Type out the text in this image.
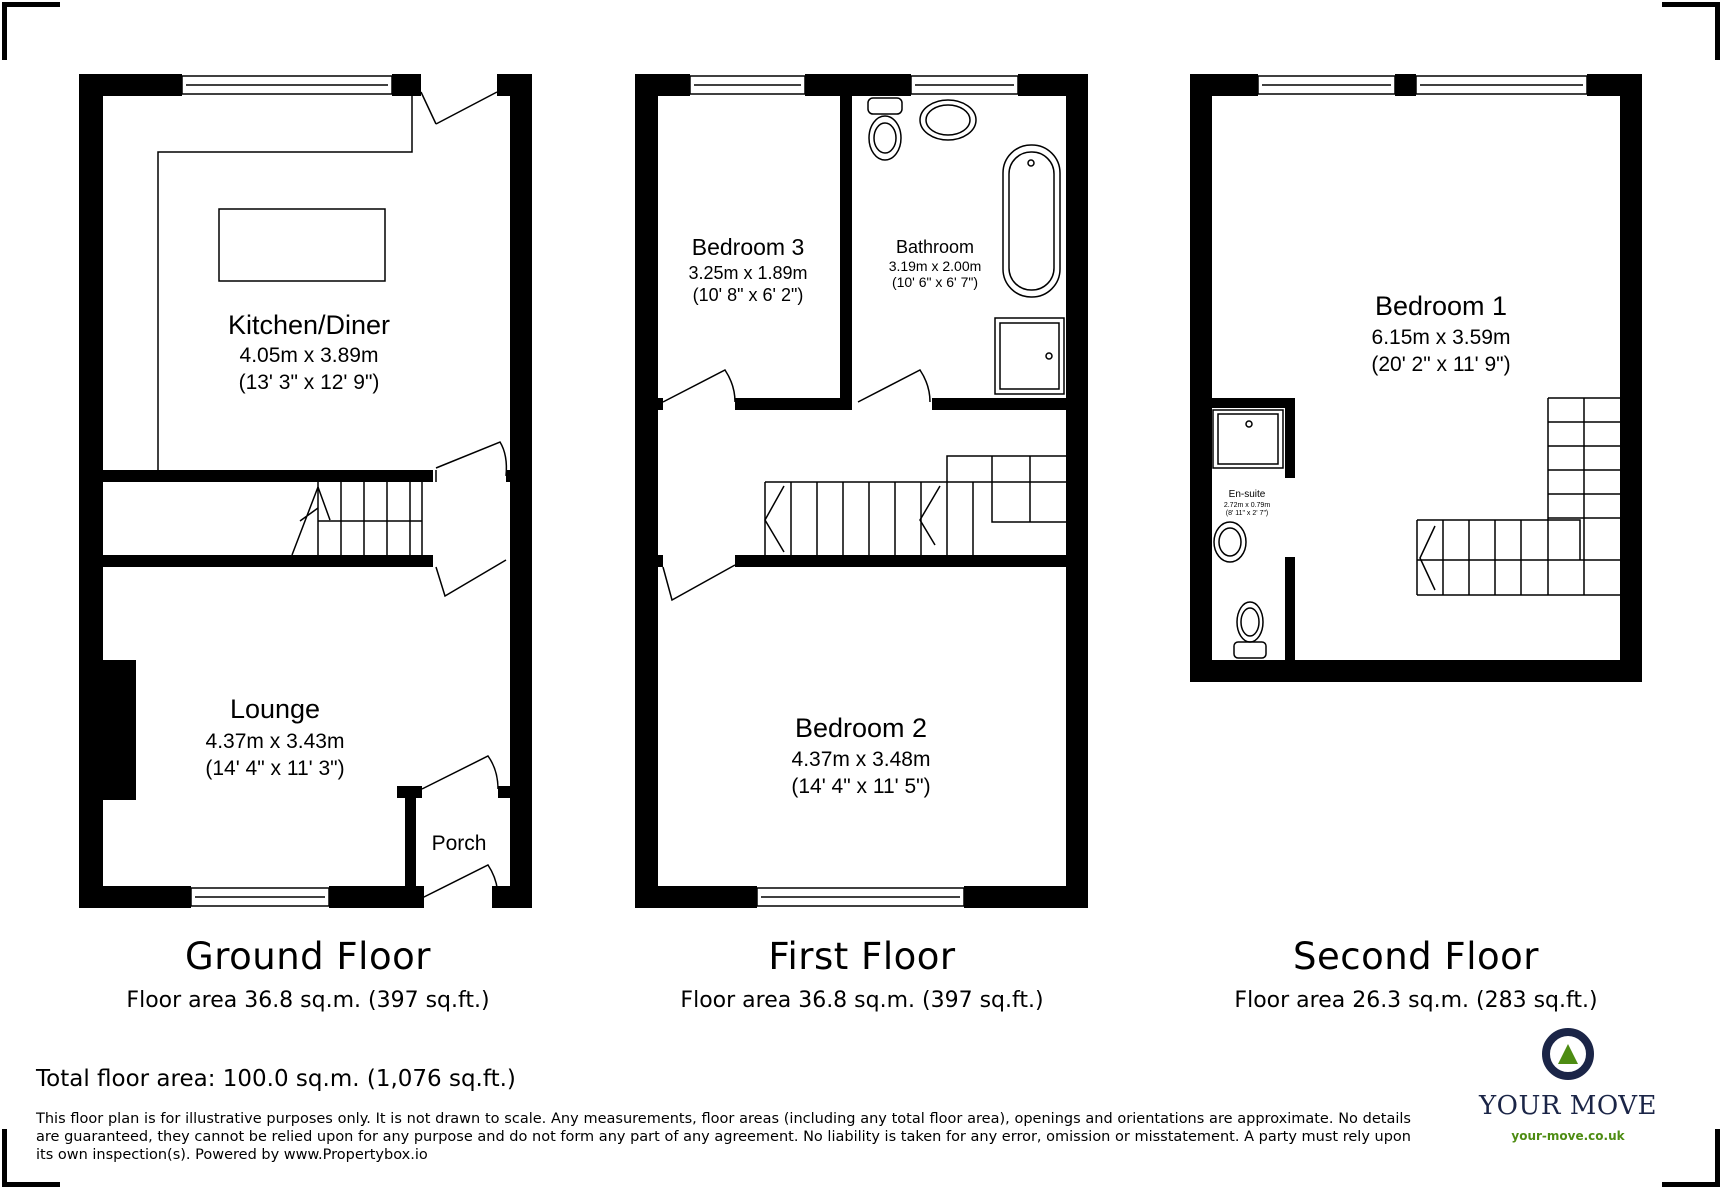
Kitchen/Diner
4.05m x 3.89m
(13' 3" x 12' 9")
Lounge
4.37m x 3.43m
(14' 4" x 11' 3")
Porch
Bedroom 3
3.25m x 1.89m
(10' 8" x 6' 2")
Bathroom
3.19m x 2.00m
(10' 6" x 6' 7")
Bedroom 2
4.37m x 3.48m
(14' 4" x 11' 5")
Bedroom 1
6.15m x 3.59m
(20' 2" x 11' 9")
En-suite
2.72m x 0.79m
(8' 11" x 2' 7")
Ground Floor
Floor area 36.8 sq.m. (397 sq.ft.)
First Floor
Floor area 36.8 sq.m. (397 sq.ft.)
Second Floor
Floor area 26.3 sq.m. (283 sq.ft.)
Total floor area: 100.0 sq.m. (1,076 sq.ft.)
This floor plan is for illustrative purposes only. It is not drawn to scale. Any measurements, floor areas (including any total floor area), openings and orientations are approximate. No details are guaranteed, they cannot be relied upon for any purpose and do not form any part of any agreement. No liability is taken for any error, omission or misstatement. A party must rely upon its own inspection(s). Powered by www.Propertybox.io
YOUR MOVE
your-move.co.uk
